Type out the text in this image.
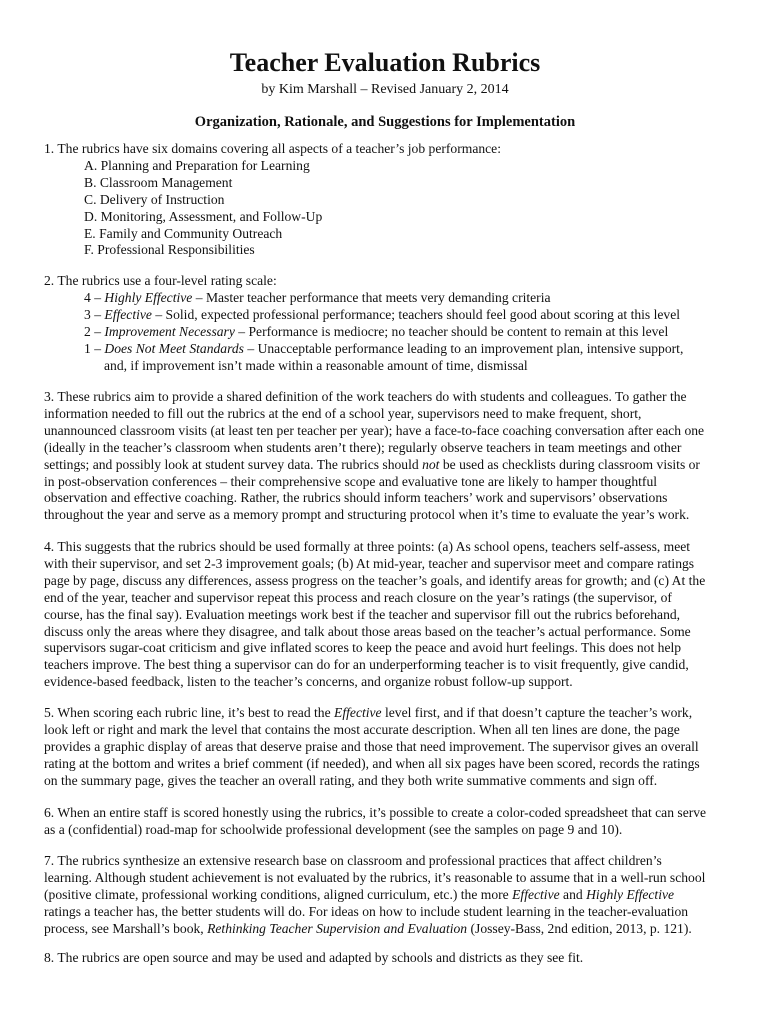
Teacher Evaluation Rubrics

by Kim Marshall – Revised January 2, 2014

Organization, Rationale, and Suggestions for Implementation

1. The rubrics have six domains covering all aspects of a teacher’s job performance:

A. Planning and Preparation for Learning

B. Classroom Management

C. Delivery of Instruction

D. Monitoring, Assessment, and Follow-Up

E. Family and Community Outreach

F. Professional Responsibilities

2. The rubrics use a four-level rating scale:

4 – Highly Effective – Master teacher performance that meets very demanding criteria

3 – Effective – Solid, expected professional performance; teachers should feel good about scoring at this level

2 – Improvement Necessary – Performance is mediocre; no teacher should be content to remain at this level

1 – Does Not Meet Standards – Unacceptable performance leading to an improvement plan, intensive support,

and, if improvement isn’t made within a reasonable amount of time, dismissal

3. These rubrics aim to provide a shared definition of the work teachers do with students and colleagues. To gather the

information needed to fill out the rubrics at the end of a school year, supervisors need to make frequent, short,

unannounced classroom visits (at least ten per teacher per year); have a face-to-face coaching conversation after each one

(ideally in the teacher’s classroom when students aren’t there); regularly observe teachers in team meetings and other

settings; and possibly look at student survey data. The rubrics should not be used as checklists during classroom visits or

in post-observation conferences – their comprehensive scope and evaluative tone are likely to hamper thoughtful

observation and effective coaching. Rather, the rubrics should inform teachers’ work and supervisors’ observations

throughout the year and serve as a memory prompt and structuring protocol when it’s time to evaluate the year’s work.

4. This suggests that the rubrics should be used formally at three points: (a) As school opens, teachers self-assess, meet

with their supervisor, and set 2-3 improvement goals; (b) At mid-year, teacher and supervisor meet and compare ratings

page by page, discuss any differences, assess progress on the teacher’s goals, and identify areas for growth; and (c) At the

end of the year, teacher and supervisor repeat this process and reach closure on the year’s ratings (the supervisor, of

course, has the final say). Evaluation meetings work best if the teacher and supervisor fill out the rubrics beforehand,

discuss only the areas where they disagree, and talk about those areas based on the teacher’s actual performance. Some

supervisors sugar-coat criticism and give inflated scores to keep the peace and avoid hurt feelings. This does not help

teachers improve. The best thing a supervisor can do for an underperforming teacher is to visit frequently, give candid,

evidence-based feedback, listen to the teacher’s concerns, and organize robust follow-up support.

5. When scoring each rubric line, it’s best to read the Effective level first, and if that doesn’t capture the teacher’s work,

look left or right and mark the level that contains the most accurate description. When all ten lines are done, the page

provides a graphic display of areas that deserve praise and those that need improvement. The supervisor gives an overall

rating at the bottom and writes a brief comment (if needed), and when all six pages have been scored, records the ratings

on the summary page, gives the teacher an overall rating, and they both write summative comments and sign off.

6. When an entire staff is scored honestly using the rubrics, it’s possible to create a color-coded spreadsheet that can serve

as a (confidential) road-map for schoolwide professional development (see the samples on page 9 and 10).

7. The rubrics synthesize an extensive research base on classroom and professional practices that affect children’s

learning. Although student achievement is not evaluated by the rubrics, it’s reasonable to assume that in a well-run school

(positive climate, professional working conditions, aligned curriculum, etc.) the more Effective and Highly Effective

ratings a teacher has, the better students will do. For ideas on how to include student learning in the teacher-evaluation

process, see Marshall’s book, Rethinking Teacher Supervision and Evaluation (Jossey-Bass, 2nd edition, 2013, p. 121).

8. The rubrics are open source and may be used and adapted by schools and districts as they see fit.
